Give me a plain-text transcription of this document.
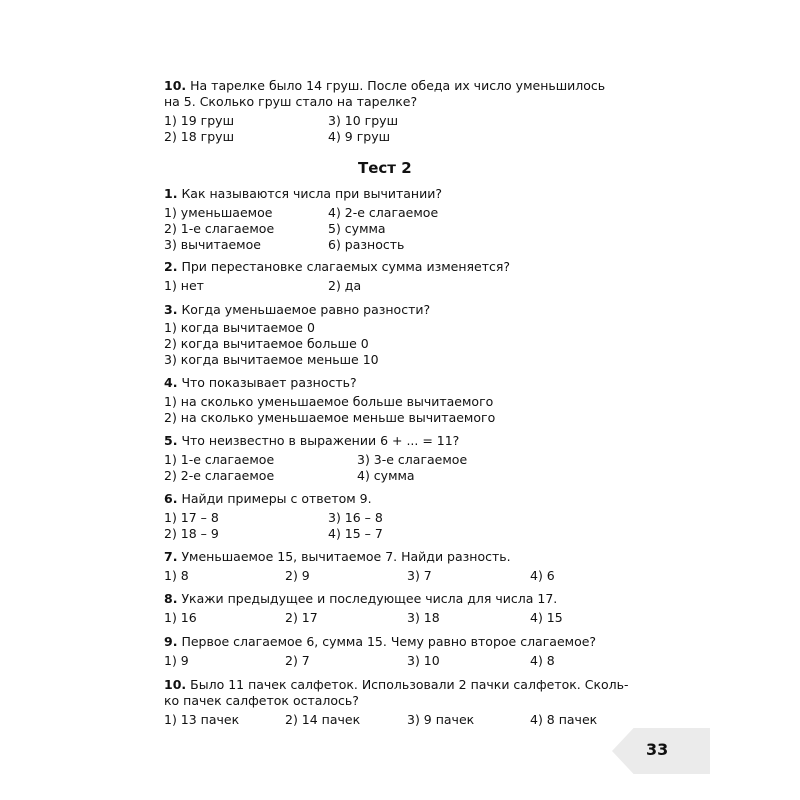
10. На тарелке было 14 груш. После обеда их число уменьшилось
на 5. Сколько груш стало на тарелке?
1) 19 груш
2) 18 груш
3) 10 груш
4) 9 груш
Тест 2
1. Как называются числа при вычитании?
1) уменьшаемое
2) 1-е слагаемое
3) вычитаемое
4) 2-е слагаемое
5) сумма
6) разность
2. При перестановке слагаемых сумма изменяется?
1) нет	2) да
3. Когда уменьшаемое равно разности?
1) когда вычитаемое 0
2) когда вычитаемое больше 0
3) когда вычитаемое меньше 10
4. Что показывает разность?
1) на сколько уменьшаемое больше вычитаемого
2) на сколько уменьшаемое меньше вычитаемого
5. Что неизвестно в выражении 6 + ... = 11?
1) 1-е слагаемое
2) 2-е слагаемое
3) 3-е слагаемое
4) сумма
6. Найди примеры с ответом 9.
1) 17 – 8
2) 18 – 9
3) 16 – 8
4) 15 – 7
7. Уменьшаемое 15, вычитаемое 7. Найди разность.
1) 8	2) 9	3) 7	4) 6
8. Укажи предыдущее и последующее числа для числа 17.
1) 16	2) 17	3) 18	4) 15
9. Первое слагаемое 6, сумма 15. Чему равно второе слагаемое?
1) 9	2) 7	3) 10	4) 8
10. Было 11 пачек салфеток. Использовали 2 пачки салфеток. Сколь-
ко пачек салфеток осталось?
1) 13 пачек	2) 14 пачек	3) 9 пачек	4) 8 пачек
33
